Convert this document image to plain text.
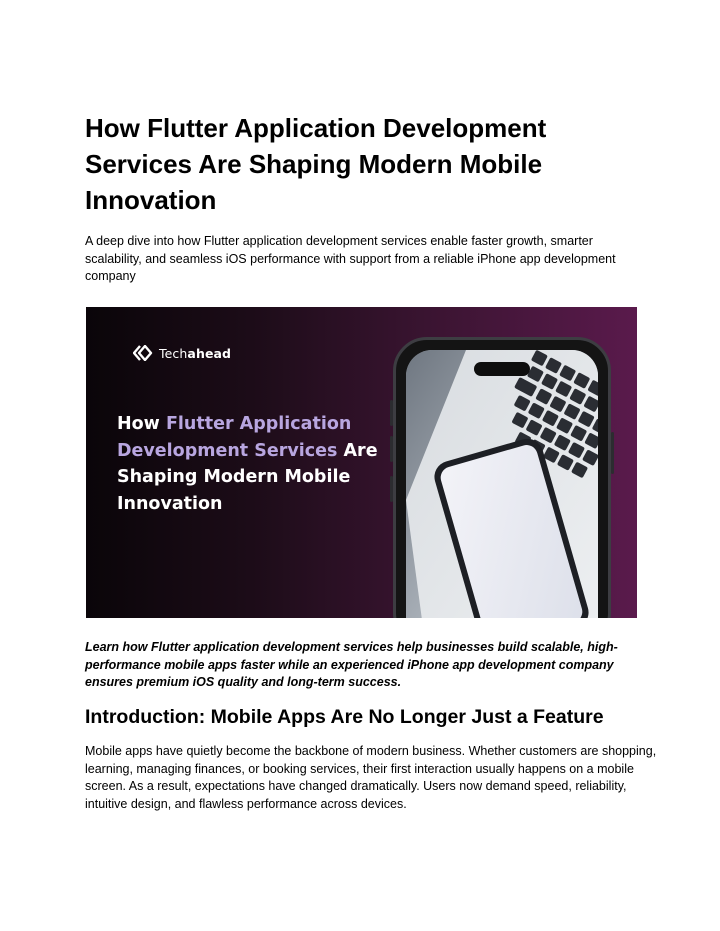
How Flutter Application Development Services Are Shaping Modern Mobile Innovation

A deep dive into how Flutter application development services enable faster growth, smarter scalability, and seamless iOS performance with support from a reliable iPhone app development company

Techahead

How Flutter Application Development Services Are Shaping Modern Mobile Innovation

Learn how Flutter application development services help businesses build scalable, high-performance mobile apps faster while an experienced iPhone app development company ensures premium iOS quality and long-term success.

Introduction: Mobile Apps Are No Longer Just a Feature

Mobile apps have quietly become the backbone of modern business. Whether customers are shopping, learning, managing finances, or booking services, their first interaction usually happens on a mobile screen. As a result, expectations have changed dramatically. Users now demand speed, reliability, intuitive design, and flawless performance across devices.
